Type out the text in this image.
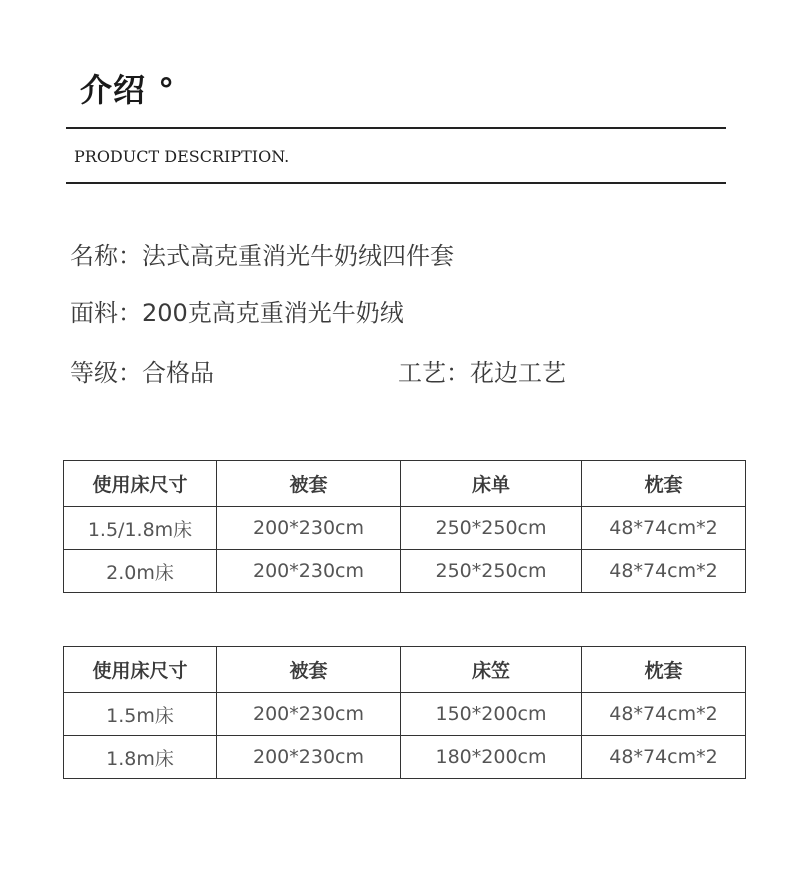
介绍 °
PRODUCT DESCRIPTION.
名称：法式高克重消光牛奶绒四件套
面料：200克高克重消光牛奶绒
等级：合格品	工艺：花边工艺
使用床尺寸	被套	床单	枕套
1.5/1.8m床	200*230cm	250*250cm	48*74cm*2
2.0m床	200*230cm	250*250cm	48*74cm*2
使用床尺寸	被套	床笠	枕套
1.5m床	200*230cm	150*200cm	48*74cm*2
1.8m床	200*230cm	180*200cm	48*74cm*2
